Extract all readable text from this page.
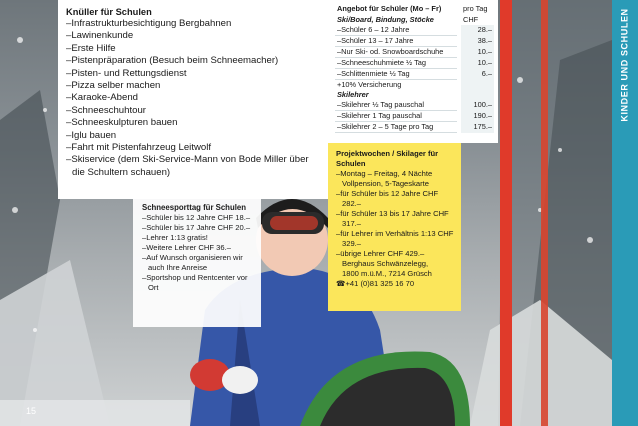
Knüller für Schulen
–Infrastrukturbesichtigung Bergbahnen
–Lawinenkunde
–Erste Hilfe
–Pistenpräparation (Besuch beim Schneemacher)
–Pisten- und Rettungsdienst
–Pizza selber machen
–Karaoke-Abend
–Schneeschuhtour
–Schneeskulpturen bauen
–Iglu bauen
–Fahrt mit Pistenfahrzeug Leitwolf
–Skiservice (dem Ski-Service-Mann von Bode Miller über die Schultern schauen)
Schneesporttag für Schulen
–Schüler bis 12 Jahre CHF 18.–
–Schüler bis 17 Jahre CHF 20.–
–Lehrer 1:13 gratis!
–Weitere Lehrer CHF 36.–
–Auf Wunsch organisieren wir auch Ihre Anreise
–Sportshop und Rentcenter vor Ort
Angebot für Schüler (Mo – Fr)	pro Tag
Ski/Board, Bindung, Stöcke	CHF
–Schüler 6 – 12 Jahre	28.–
–Schüler 13 – 17 Jahre	38.–
–Nur Ski- od. Snowboardschuhe	10.–
–Schneeschuhmiete ½ Tag	10.–
–Schlittenmiete ½ Tag	6.–
+10% Versicherung	
Skilehrer	
–Skilehrer ½ Tag pauschal	100.–
–Skilehrer 1 Tag pauschal	190.–
–Skilehrer 2 – 5 Tage pro Tag	175.–
Projektwochen / Skilager für Schulen
–Montag – Freitag, 4 Nächte Vollpension, 5-Tageskarte
–für Schüler bis 12 Jahre CHF 282.–
–für Schüler 13 bis 17 Jahre CHF 317.–
–für Lehrer im Verhältnis 1:13 CHF 329.–
–übrige Lehrer CHF 429.–
Berghaus Schwänzelegg,
1800 m.ü.M., 7214 Grüsch
☎+41 (0)81 325 16 70
KINDER UND SCHULEN
15
